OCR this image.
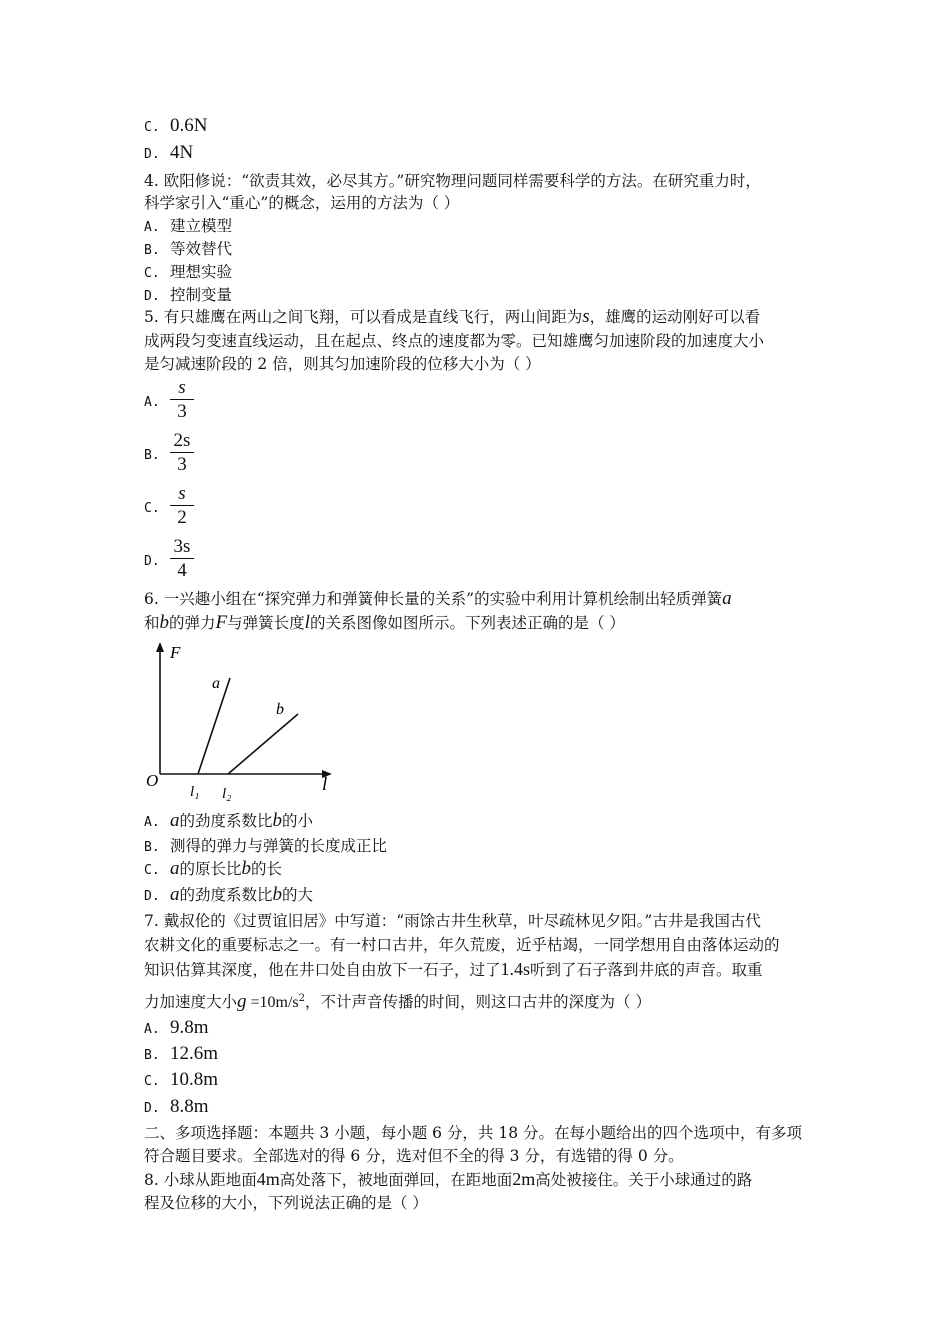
C. 0.6N
D. 4N
4. 欧阳修说：“欲责其效，必尽其方。”研究物理问题同样需要科学的方法。在研究重力时，
科学家引入“重心”的概念，运用的方法为（ ）
A. 建立模型
B. 等效替代
C. 理想实验
D. 控制变量
5. 有只雄鹰在两山之间飞翔，可以看成是直线飞行，两山间距为s，雄鹰的运动刚好可以看
成两段匀变速直线运动，且在起点、终点的速度都为零。已知雄鹰匀加速阶段的加速度大小
是匀减速阶段的 2 倍，则其匀加速阶段的位移大小为（ ）
A.
s
3
B.
2s
3
C.
s
2
D.
3s
4
6. 一兴趣小组在“探究弹力和弹簧伸长量的关系”的实验中利用计算机绘制出轻质弹簧a
和b的弹力F与弹簧长度l的关系图像如图所示。下列表述正确的是（ ）
F
l
O
a
b
l₁ l₂
A. a的劲度系数比b的小
B. 测得的弹力与弹簧的长度成正比
C. a的原长比b的长
D. a的劲度系数比b的大
7. 戴叔伦的《过贾谊旧居》中写道：“雨馀古井生秋草，叶尽疏林见夕阳。”古井是我国古代
农耕文化的重要标志之一。有一村口古井，年久荒废，近乎枯竭，一同学想用自由落体运动的
知识估算其深度，他在井口处自由放下一石子，过了1.4s听到了石子落到井底的声音。取重
力加速度大小$g =10m/s^2$，不计声音传播的时间，则这口古井的深度为（ ）
A. 9.8m
B. 12.6m
C. 10.8m
D. 8.8m
二、多项选择题：本题共 3 小题，每小题 6 分，共 18 分。在每小题给出的四个选项中，有多项
符合题目要求。全部选对的得 6 分，选对但不全的得 3 分，有选错的得 0 分。
8. 小球从距地面4m高处落下，被地面弹回，在距地面2m高处被接住。关于小球通过的路
程及位移的大小，下列说法正确的是（ ）
